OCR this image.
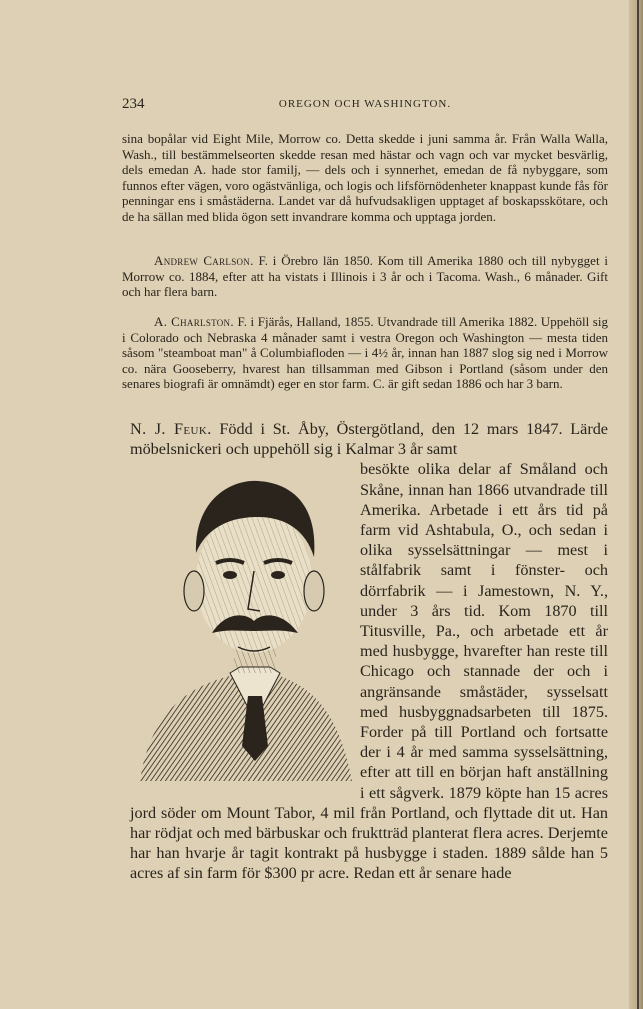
234	OREGON OCH WASHINGTON.

sina bopålar vid Eight Mile, Morrow co. Detta skedde i juni samma år. Från Walla Walla, Wash., till bestämmelseorten skedde resan med hästar och vagn och var mycket besvärlig, dels emedan A. hade stor familj, — dels och i synnerhet, emedan de få nybyggare, som funnos efter vägen, voro ogästvänliga, och logis och lifsförnödenheter knappast kunde fås för penningar ens i småstäderna. Landet var då hufvudsakligen upptaget af boskapsskötare, och de ha sällan med blida ögon sett invandrare komma och upptaga jorden.

Andrew Carlson. F. i Örebro län 1850. Kom till Amerika 1880 och till nybygget i Morrow co. 1884, efter att ha vistats i Illinois i 3 år och i Tacoma. Wash., 6 månader. Gift och har flera barn.

A. Charlston. F. i Fjärås, Halland, 1855. Utvandrade till Amerika 1882. Uppehöll sig i Colorado och Nebraska 4 månader samt i vestra Oregon och Washington — mesta tiden såsom "steamboat man" å Columbiafloden — i 4½ år, innan han 1887 slog sig ned i Morrow co. nära Gooseberry, hvarest han tillsamman med Gibson i Portland (såsom under den senares biografi är omnämdt) eger en stor farm. C. är gift sedan 1886 och har 3 barn.

N. J. Feuk. Född i St. Åby, Östergötland, den 12 mars 1847. Lärde möbelsnickeri och uppehöll sig i Kalmar 3 år samt

besökte olika delar af Småland och Skåne, innan han 1866 utvandrade till Amerika. Arbetade i ett års tid på farm vid Ashtabula, O., och sedan i olika sysselsättningar — mest i stålfabrik samt i fönster- och dörrfabrik — i Jamestown, N. Y., under 3 års tid. Kom 1870 till Titusville, Pa., och arbetade ett år med husbygge, hvarefter han reste till Chicago och stannade der och i angränsande småstäder, sysselsatt med husbyggnadsarbeten till 1875. Forder på till Portland och fortsatte der i 4 år med samma sysselsättning, efter att till en början haft anställning i ett sågverk. 1879 köpte han 15 acres jord söder om Mount Tabor, 4 mil från Portland, och flyttade dit ut. Han har rödjat och med bärbuskar och fruktträd planterat flera acres. Derjemte har han hvarje år tagit kontrakt på husbygge i staden. 1889 sålde han 5 acres af sin farm för $300 pr acre. Redan ett år senare hade
